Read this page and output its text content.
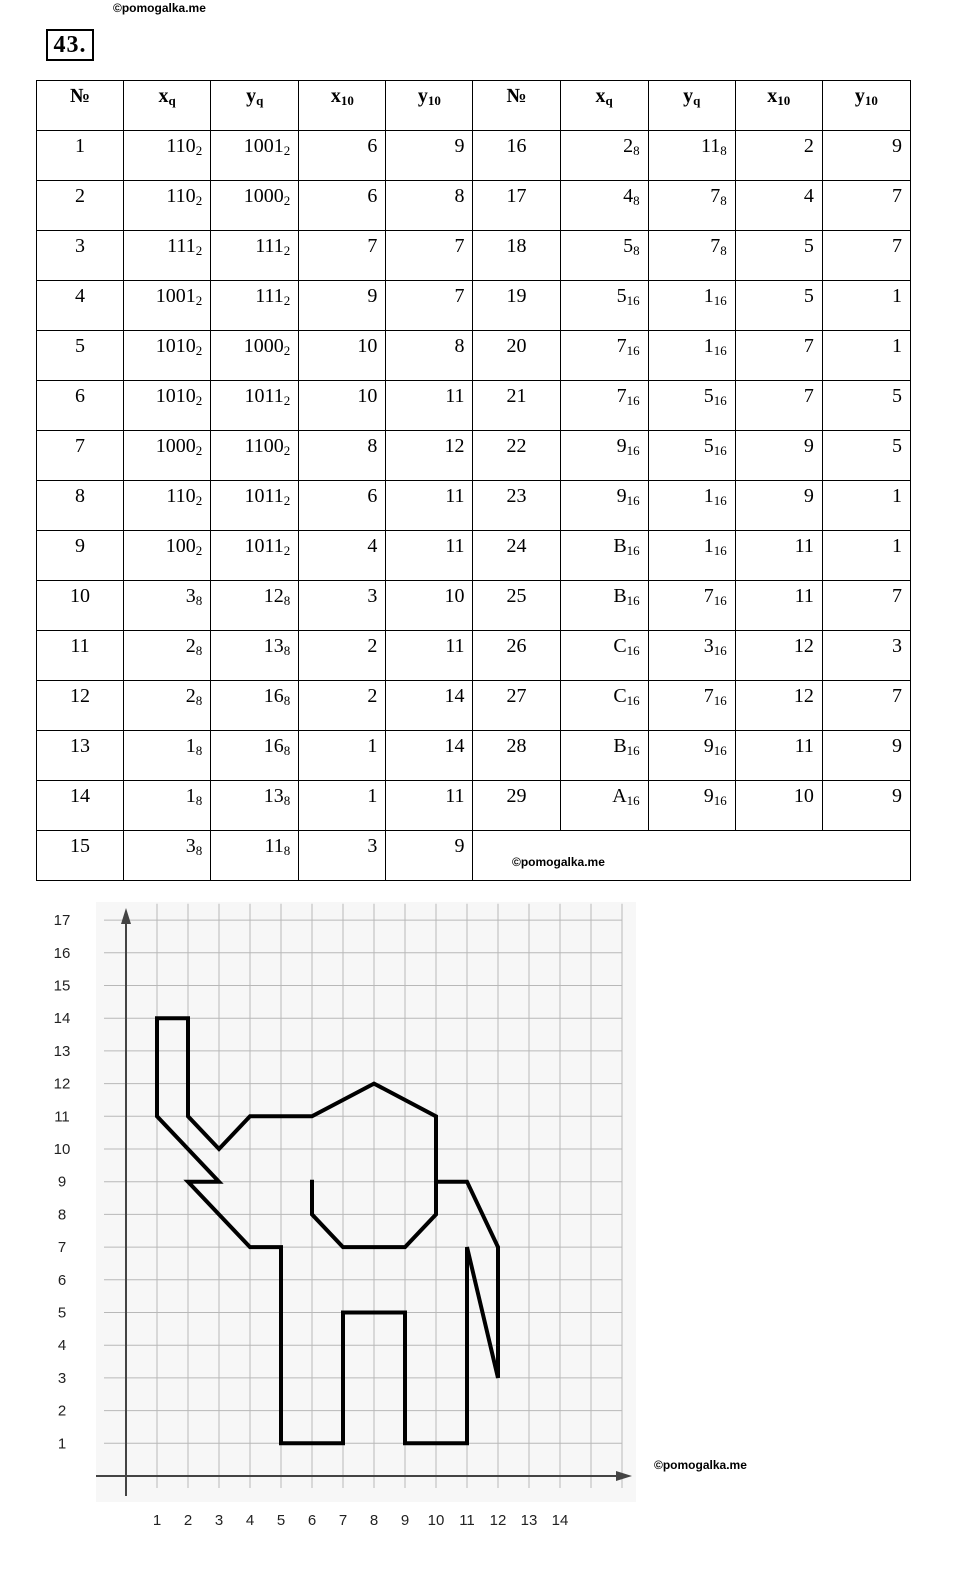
©pomogalka.me
43.
№	$x_q$	$y_q$	$x_{10}$	$y_{10}$	№	$x_q$	$y_q$	$x_{10}$	$y_{10}$
1	$110_2$	$1001_2$	6	9	16	$2_8$	$11_8$	2	9
2	$110_2$	$1000_2$	6	8	17	$4_8$	$7_8$	4	7
3	$111_2$	$111_2$	7	7	18	$5_8$	$7_8$	5	7
4	$1001_2$	$111_2$	9	7	19	$5_{16}$	$1_{16}$	5	1
5	$1010_2$	$1000_2$	10	8	20	$7_{16}$	$1_{16}$	7	1
6	$1010_2$	$1011_2$	10	11	21	$7_{16}$	$5_{16}$	7	5
7	$1000_2$	$1100_2$	8	12	22	$9_{16}$	$5_{16}$	9	5
8	$110_2$	$1011_2$	6	11	23	$9_{16}$	$1_{16}$	9	1
9	$100_2$	$1011_2$	4	11	24	$B_{16}$	$1_{16}$	11	1
10	$3_8$	$12_8$	3	10	25	$B_{16}$	$7_{16}$	11	7
11	$2_8$	$13_8$	2	11	26	$C_{16}$	$3_{16}$	12	3
12	$2_8$	$16_8$	2	14	27	$C_{16}$	$7_{16}$	12	7
13	$1_8$	$16_8$	1	14	28	$B_{16}$	$9_{16}$	11	9
14	$1_8$	$13_8$	1	11	29	$A_{16}$	$9_{16}$	10	9
15	$3_8$	$11_8$	3	9					
©pomogalka.me
1 2 3 4 5 6 7 8 9 10 11 12 13 14
1
2
3
4
5
6
7
8
9
10
11
12
13
14
15
16
17
©pomogalka.me
